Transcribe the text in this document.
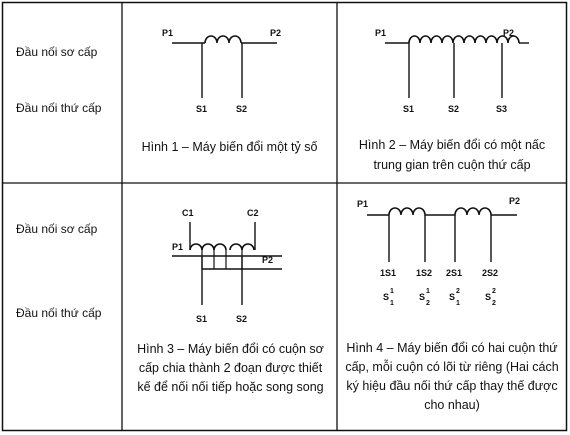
Đầu nối sơ cấp
Đầu nối thứ cấp
Đầu nối sơ cấp
Đầu nối thứ cấp
P1	P2
S1	S2
Hình 1 – Máy biến đổi một tỷ số
P1	P2
S1	S2	S3
Hình 2 – Máy biến đổi có một nấc
trung gian trên cuộn thứ cấp
C1	C2
P1
P2
S1	S2
Hình 3 – Máy biến đổi có cuộn sơ
cấp chia thành 2 đoạn được thiết
kế để nối nối tiếp hoặc song song
P1	P2
1S1 1S2 2S1 2S2
S
1
1
S
1
2
S
2
1
S
2
2
Hình 4 – Máy biến đổi có hai cuộn thứ
cấp, mỗi cuộn có lõi từ riêng (Hai cách
ký hiệu đầu nối thứ cấp thay thế được
cho nhau)
